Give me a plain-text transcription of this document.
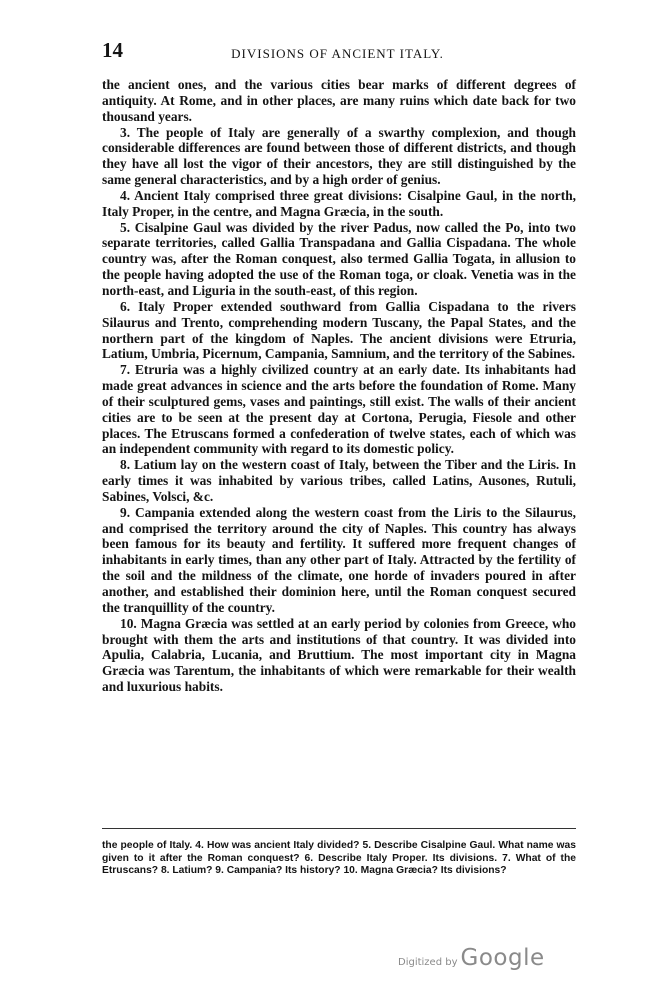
14	DIVISIONS OF ANCIENT ITALY.

the ancient ones, and the various cities bear marks of different degrees of antiquity. At Rome, and in other places, are many ruins which date back for two thousand years.

3. The people of Italy are generally of a swarthy complexion, and though considerable differences are found between those of different districts, and though they have all lost the vigor of their ancestors, they are still distinguished by the same general characteristics, and by a high order of genius.

4. Ancient Italy comprised three great divisions: Cisalpine Gaul, in the north, Italy Proper, in the centre, and Magna Græcia, in the south.

5. Cisalpine Gaul was divided by the river Padus, now called the Po, into two separate territories, called Gallia Transpadana and Gallia Cispadana. The whole country was, after the Roman conquest, also termed Gallia Togata, in allusion to the people having adopted the use of the Roman toga, or cloak. Venetia was in the north-east, and Liguria in the south-east, of this region.

6. Italy Proper extended southward from Gallia Cispadana to the rivers Silaurus and Trento, comprehending modern Tuscany, the Papal States, and the northern part of the kingdom of Naples. The ancient divisions were Etruria, Latium, Umbria, Picernum, Campania, Samnium, and the territory of the Sabines.

7. Etruria was a highly civilized country at an early date. Its inhabitants had made great advances in science and the arts before the foundation of Rome. Many of their sculptured gems, vases and paintings, still exist. The walls of their ancient cities are to be seen at the present day at Cortona, Perugia, Fiesole and other places. The Etruscans formed a confederation of twelve states, each of which was an independent community with regard to its domestic policy.

8. Latium lay on the western coast of Italy, between the Tiber and the Liris. In early times it was inhabited by various tribes, called Latins, Ausones, Rutuli, Sabines, Volsci, &c.

9. Campania extended along the western coast from the Liris to the Silaurus, and comprised the territory around the city of Naples. This country has always been famous for its beauty and fertility. It suffered more frequent changes of inhabitants in early times, than any other part of Italy. Attracted by the fertility of the soil and the mildness of the climate, one horde of invaders poured in after another, and established their dominion here, until the Roman conquest secured the tranquillity of the country.

10. Magna Græcia was settled at an early period by colonies from Greece, who brought with them the arts and institutions of that country. It was divided into Apulia, Calabria, Lucania, and Bruttium. The most important city in Magna Græcia was Tarentum, the inhabitants of which were remarkable for their wealth and luxurious habits.

the people of Italy. 4. How was ancient Italy divided? 5. Describe Cisalpine Gaul. What name was given to it after the Roman conquest? 6. Describe Italy Proper. Its divisions. 7. What of the Etruscans? 8. Latium? 9. Campania? Its history? 10. Magna Græcia? Its divisions?
Digitized by Google
